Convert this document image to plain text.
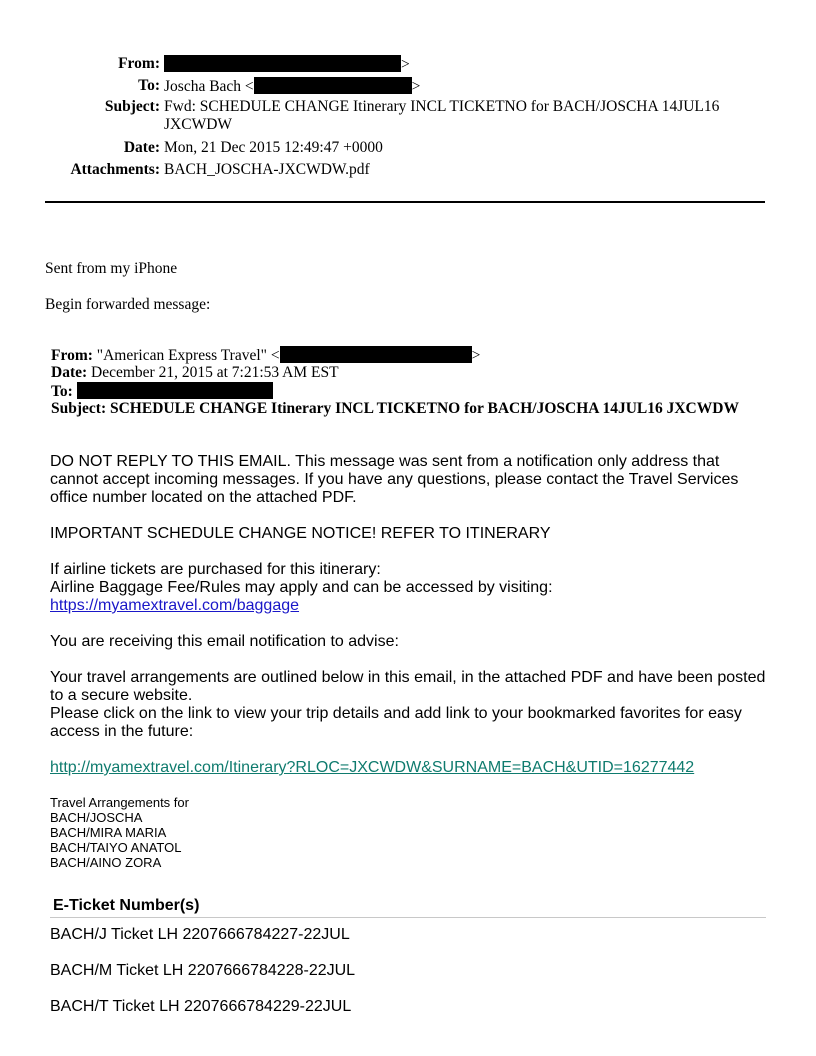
From:	>
To: Joscha Bach <	>
Subject: Fwd: SCHEDULE CHANGE Itinerary INCL TICKETNO for BACH/JOSCHA 14JUL16 JXCWDW
Date: Mon, 21 Dec 2015 12:49:47 +0000
Attachments: BACH_JOSCHA-JXCWDW.pdf
Sent from my iPhone
Begin forwarded message:
From: "American Express Travel" <	>
Date: December 21, 2015 at 7:21:53 AM EST
To:
Subject: SCHEDULE CHANGE Itinerary INCL TICKETNO for BACH/JOSCHA 14JUL16 JXCWDW
DO NOT REPLY TO THIS EMAIL. This message was sent from a notification only address that cannot accept incoming messages. If you have any questions, please contact the Travel Services office number located on the attached PDF.
IMPORTANT SCHEDULE CHANGE NOTICE! REFER TO ITINERARY
If airline tickets are purchased for this itinerary:
Airline Baggage Fee/Rules may apply and can be accessed by visiting:
https://myamextravel.com/baggage
You are receiving this email notification to advise:
Your travel arrangements are outlined below in this email, in the attached PDF and have been posted to a secure website.
Please click on the link to view your trip details and add link to your bookmarked favorites for easy access in the future:
http://myamextravel.com/Itinerary?RLOC=JXCWDW&SURNAME=BACH&UTID=16277442
Travel Arrangements for
BACH/JOSCHA
BACH/MIRA MARIA
BACH/TAIYO ANATOL
BACH/AINO ZORA
E-Ticket Number(s)
BACH/J Ticket LH 2207666784227-22JUL
BACH/M Ticket LH 2207666784228-22JUL
BACH/T Ticket LH 2207666784229-22JUL
